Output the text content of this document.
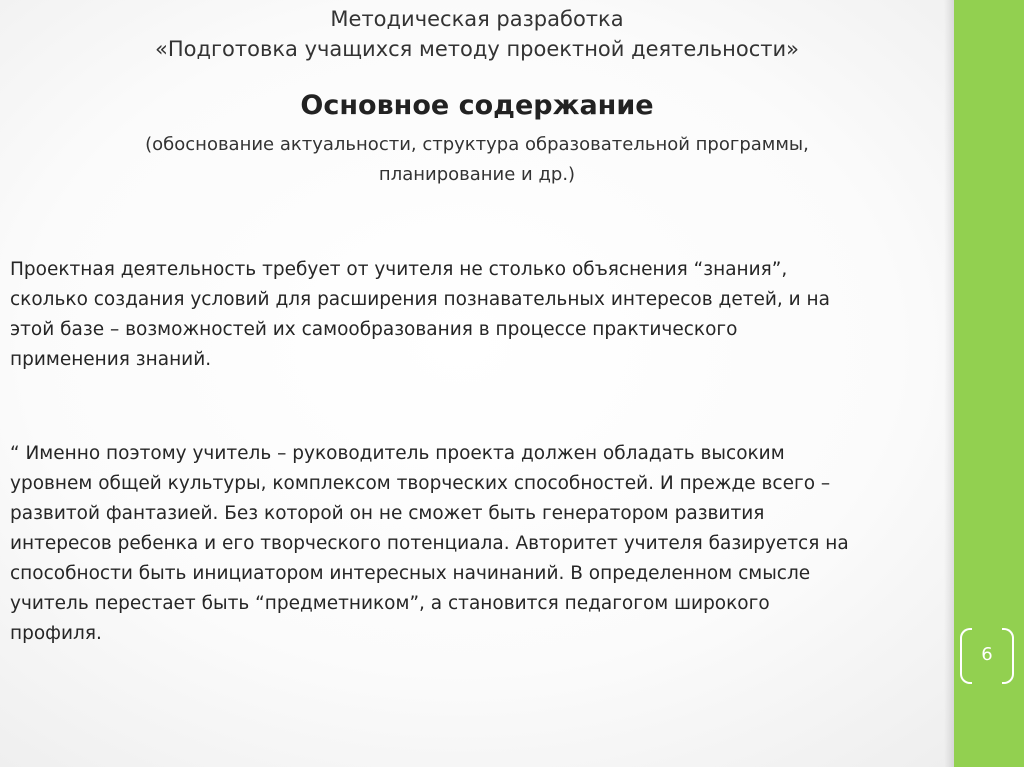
Методическая разработка
«Подготовка учащихся методу проектной деятельности»
Основное содержание
(обоснование актуальности, структура образовательной программы,
планирование и др.)
Проектная деятельность требует от учителя не столько объяснения “знания”,
сколько создания условий для расширения познавательных интересов детей, и на
этой базе – возможностей их самообразования в процессе практического
применения знаний.
“ Именно поэтому учитель – руководитель проекта должен обладать высоким
уровнем общей культуры, комплексом творческих способностей. И прежде всего –
развитой фантазией. Без которой он не сможет быть генератором развития
интересов ребенка и его творческого потенциала. Авторитет учителя базируется на
способности быть инициатором интересных начинаний. В определенном смысле
учитель перестает быть “предметником”, а становится педагогом широкого
профиля.
6
